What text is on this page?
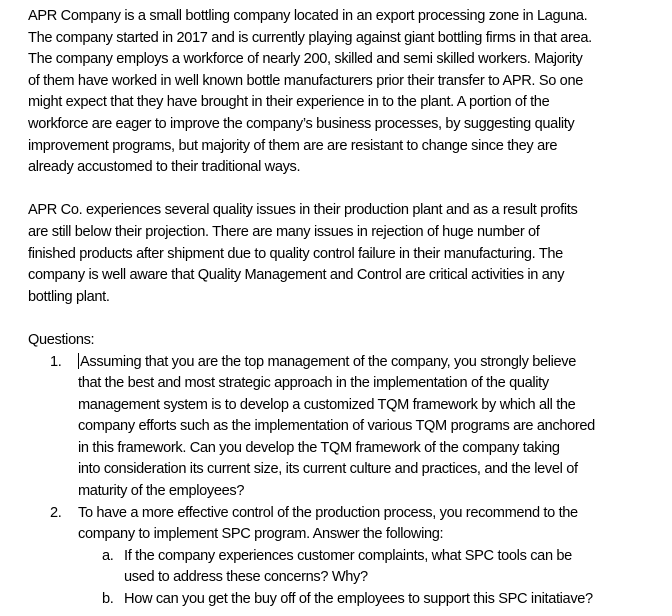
APR Company is a small bottling company located in an export processing zone in Laguna.
The company started in 2017 and is currently playing against giant bottling firms in that area.
The company employs a workforce of nearly 200, skilled and semi skilled workers. Majority
of them have worked in well known bottle manufacturers prior their transfer to APR. So one
might expect that they have brought in their experience in to the plant. A portion of the
workforce are eager to improve the company’s business processes, by suggesting quality
improvement programs, but majority of them are are resistant to change since they are
already accustomed to their traditional ways.
APR Co. experiences several quality issues in their production plant and as a result profits
are still below their projection. There are many issues in rejection of huge number of
finished products after shipment due to quality control failure in their manufacturing. The
company is well aware that Quality Management and Control are critical activities in any
bottling plant.
Questions:
1. Assuming that you are the top management of the company, you strongly believe
that the best and most strategic approach in the implementation of the quality
management system is to develop a customized TQM framework by which all the
company efforts such as the implementation of various TQM programs are anchored
in this framework. Can you develop the TQM framework of the company taking
into consideration its current size, its current culture and practices, and the level of
maturity of the employees?
2. To have a more effective control of the production process, you recommend to the
company to implement SPC program. Answer the following:
a. If the company experiences customer complaints, what SPC tools can be
used to address these concerns? Why?
b. How can you get the buy off of the employees to support this SPC initatiave?
